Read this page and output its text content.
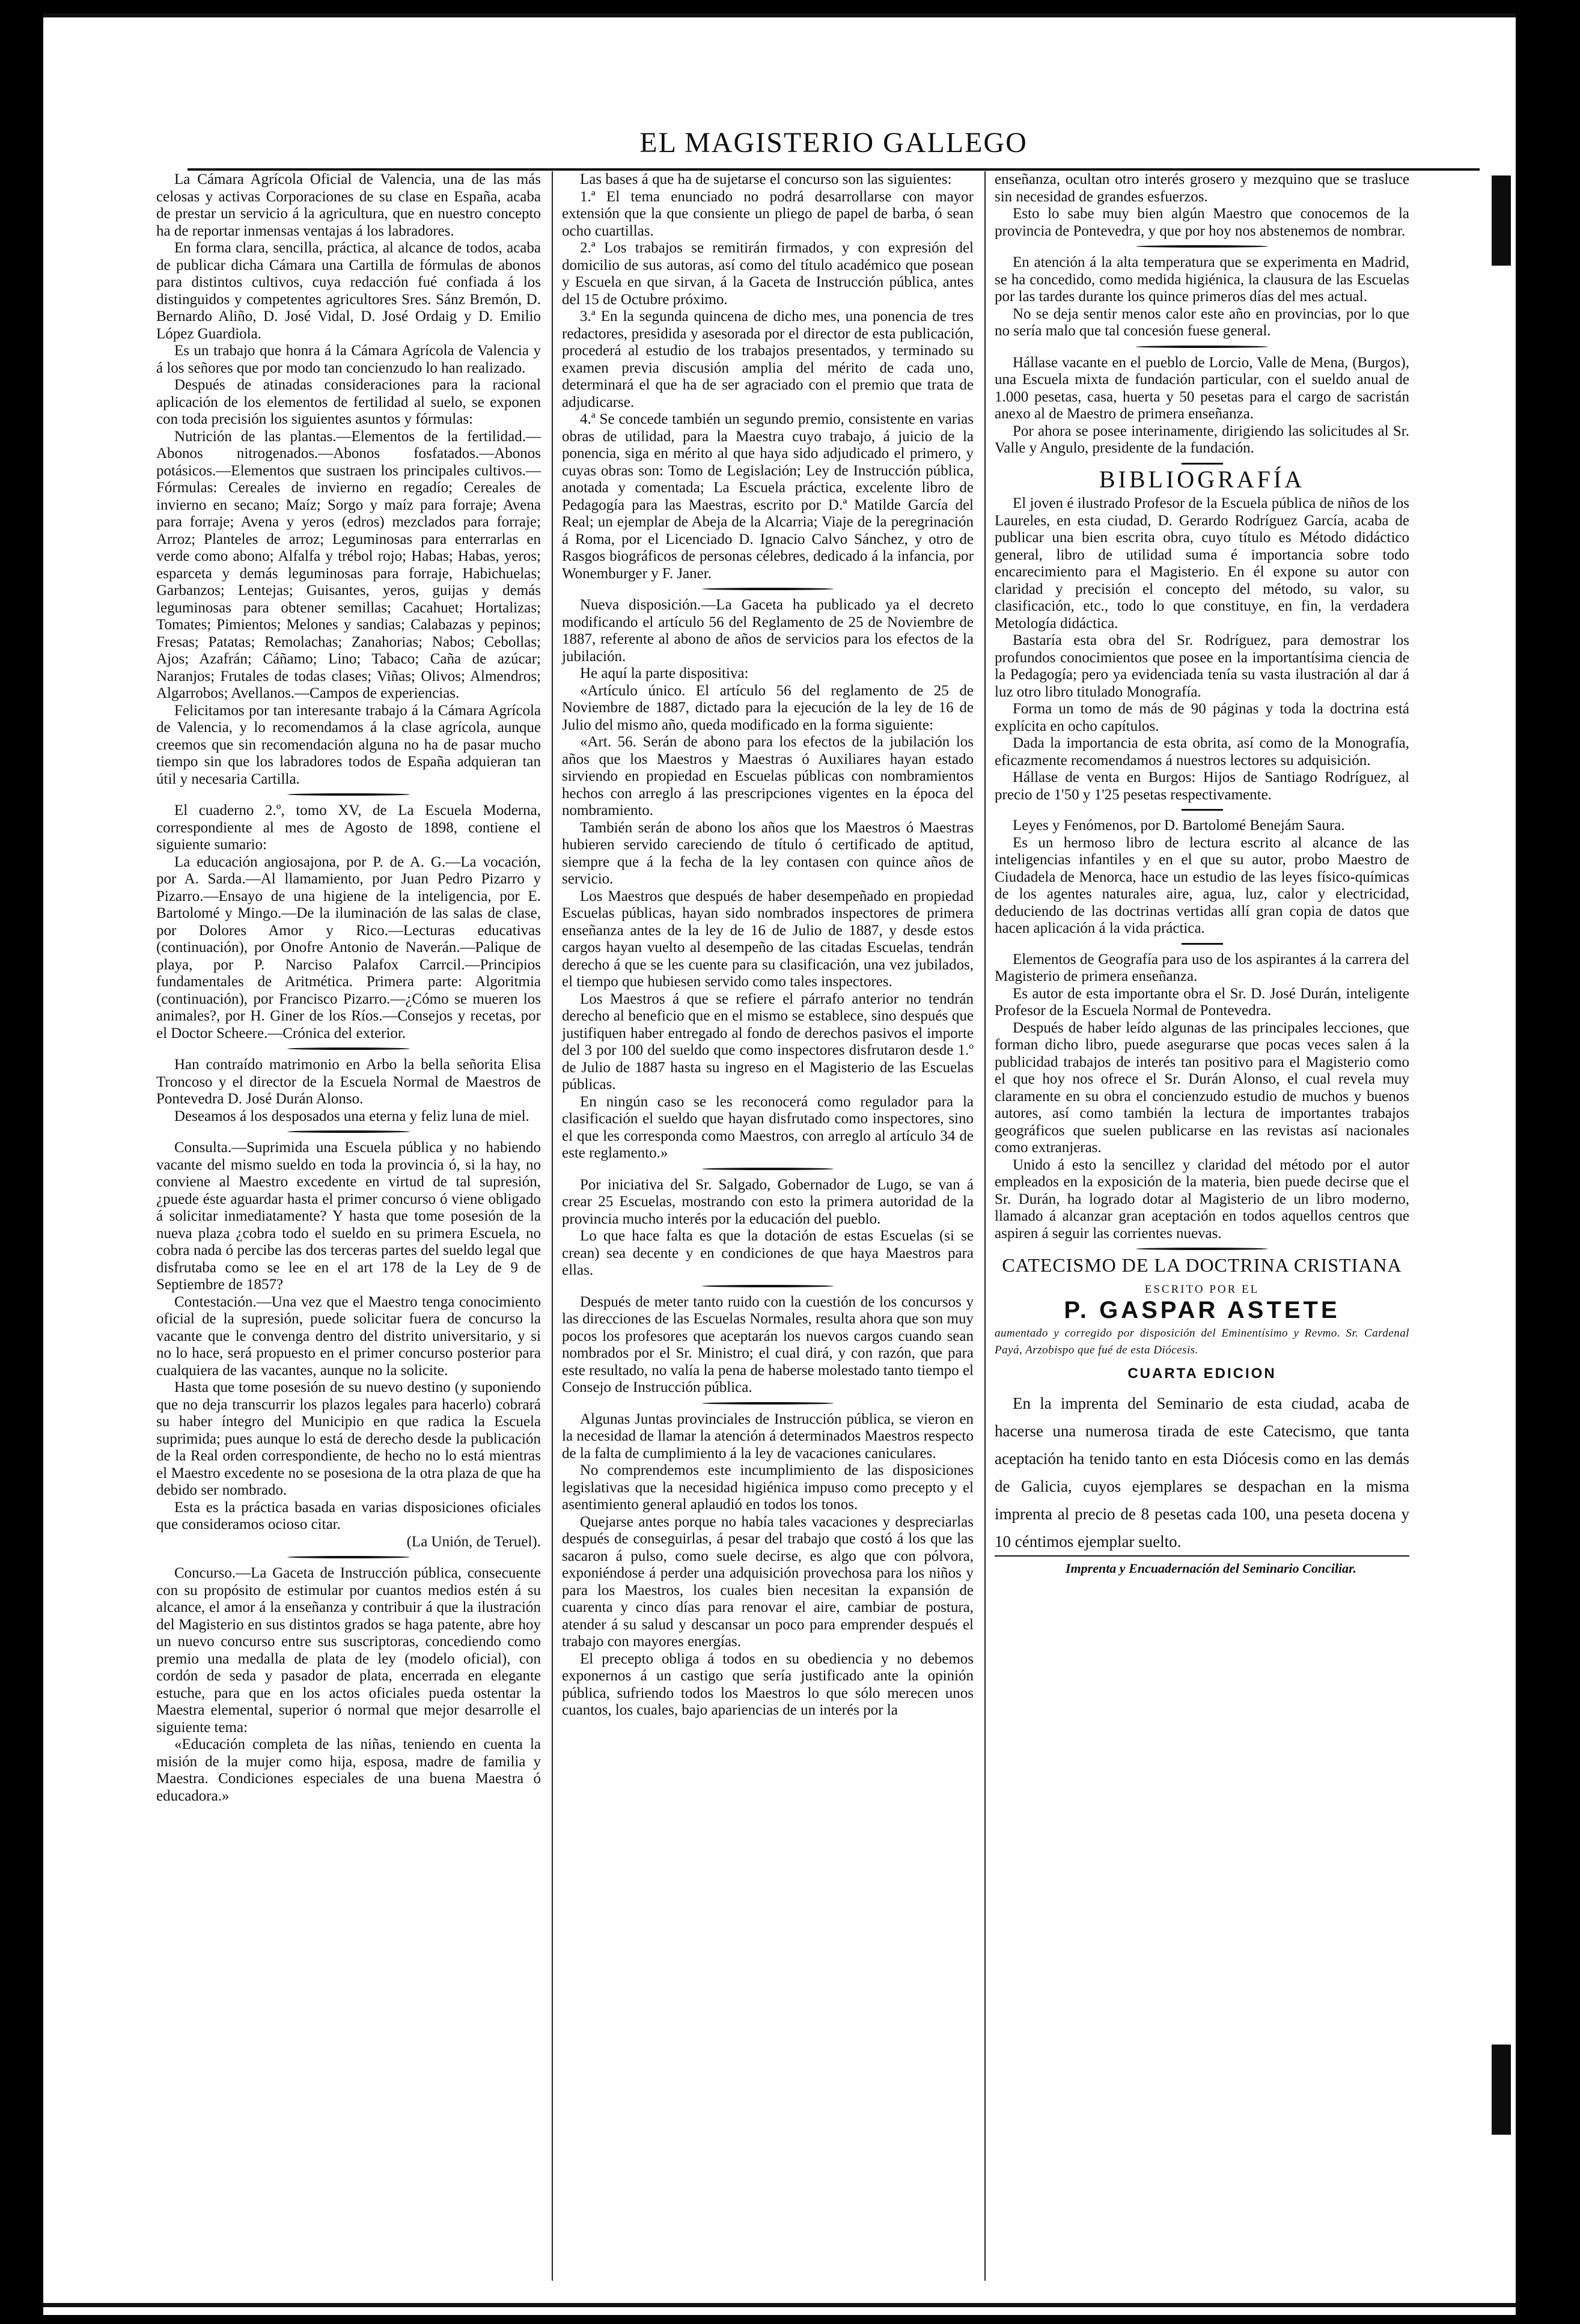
EL MAGISTERIO GALLEGO

La Cámara Agrícola Oficial de Valencia, una de las más celosas y activas Corporaciones de su clase en España, acaba de prestar un servicio á la agricultura, que en nuestro concepto ha de reportar inmensas ventajas á los labradores.

En forma clara, sencilla, práctica, al alcance de todos, acaba de publicar dicha Cámara una Cartilla de fórmulas de abonos para distintos cultivos, cuya redacción fué confiada á los distinguidos y competentes agricultores Sres. Sánz Bremón, D. Bernardo Aliño, D. José Vidal, D. José Ordaig y D. Emilio López Guardiola.

Es un trabajo que honra á la Cámara Agrícola de Valencia y á los señores que por modo tan concienzudo lo han realizado.

Después de atinadas consideraciones para la racional aplicación de los elementos de fertilidad al suelo, se exponen con toda precisión los siguientes asuntos y fórmulas:

Nutrición de las plantas.—Elementos de la fertilidad.—Abonos nitrogenados.—Abonos fosfatados.—Abonos potásicos.—Elementos que sustraen los principales cultivos.—Fórmulas: Cereales de invierno en regadío; Cereales de invierno en secano; Maíz; Sorgo y maíz para forraje; Avena para forraje; Avena y yeros (edros) mezclados para forraje; Arroz; Planteles de arroz; Leguminosas para enterrarlas en verde como abono; Alfalfa y trébol rojo; Habas; Habas, yeros; esparceta y demás leguminosas para forraje, Habichuelas; Garbanzos; Lentejas; Guisantes, yeros, guijas y demás leguminosas para obtener semillas; Cacahuet; Hortalizas; Tomates; Pimientos; Melones y sandias; Calabazas y pepinos; Fresas; Patatas; Remolachas; Zanahorias; Nabos; Cebollas; Ajos; Azafrán; Cáñamo; Lino; Tabaco; Caña de azúcar; Naranjos; Frutales de todas clases; Viñas; Olivos; Almendros; Algarrobos; Avellanos.—Campos de experiencias.

Felicitamos por tan interesante trabajo á la Cámara Agrícola de Valencia, y lo recomendamos á la clase agrícola, aunque creemos que sin recomendación alguna no ha de pasar mucho tiempo sin que los labradores todos de España adquieran tan útil y necesaria Cartilla.

El cuaderno 2.º, tomo XV, de La Escuela Moderna, correspondiente al mes de Agosto de 1898, contiene el siguiente sumario:

La educación angiosajona, por P. de A. G.—La vocación, por A. Sarda.—Al llamamiento, por Juan Pedro Pizarro y Pizarro.—Ensayo de una higiene de la inteligencia, por E. Bartolomé y Mingo.—De la iluminación de las salas de clase, por Dolores Amor y Rico.—Lecturas educativas (continuación), por Onofre Antonio de Naverán.—Palique de playa, por P. Narciso Palafox Carrcil.—Principios fundamentales de Aritmética. Primera parte: Algoritmia (continuación), por Francisco Pizarro.—¿Cómo se mueren los animales?, por H. Giner de los Ríos.—Consejos y recetas, por el Doctor Scheere.—Crónica del exterior.

Han contraído matrimonio en Arbo la bella señorita Elisa Troncoso y el director de la Escuela Normal de Maestros de Pontevedra D. José Durán Alonso.

Deseamos á los desposados una eterna y feliz luna de miel.

Consulta.—Suprimida una Escuela pública y no habiendo vacante del mismo sueldo en toda la provincia ó, si la hay, no conviene al Maestro excedente en virtud de tal supresión, ¿puede éste aguardar hasta el primer concurso ó viene obligado á solicitar inmediatamente? Y hasta que tome posesión de la nueva plaza ¿cobra todo el sueldo en su primera Escuela, no cobra nada ó percibe las dos terceras partes del sueldo legal que disfrutaba como se lee en el art 178 de la Ley de 9 de Septiembre de 1857?

Contestación.—Una vez que el Maestro tenga conocimiento oficial de la supresión, puede solicitar fuera de concurso la vacante que le convenga dentro del distrito universitario, y si no lo hace, será propuesto en el primer concurso posterior para cualquiera de las vacantes, aunque no la solicite.

Hasta que tome posesión de su nuevo destino (y suponiendo que no deja transcurrir los plazos legales para hacerlo) cobrará su haber íntegro del Municipio en que radica la Escuela suprimida; pues aunque lo está de derecho desde la publicación de la Real orden correspondiente, de hecho no lo está mientras el Maestro excedente no se posesiona de la otra plaza de que ha debido ser nombrado.

Esta es la práctica basada en varias disposiciones oficiales que consideramos ocioso citar.

(La Unión, de Teruel).

Concurso.—La Gaceta de Instrucción pública, consecuente con su propósito de estimular por cuantos medios estén á su alcance, el amor á la enseñanza y contribuir á que la ilustración del Magisterio en sus distintos grados se haga patente, abre hoy un nuevo concurso entre sus suscriptoras, concediendo como premio una medalla de plata de ley (modelo oficial), con cordón de seda y pasador de plata, encerrada en elegante estuche, para que en los actos oficiales pueda ostentar la Maestra elemental, superior ó normal que mejor desarrolle el siguiente tema:

«Educación completa de las niñas, teniendo en cuenta la misión de la mujer como hija, esposa, madre de familia y Maestra. Condiciones especiales de una buena Maestra ó educadora.»

Las bases á que ha de sujetarse el concurso son las siguientes:

1.ª El tema enunciado no podrá desarrollarse con mayor extensión que la que consiente un pliego de papel de barba, ó sean ocho cuartillas.

2.ª Los trabajos se remitirán firmados, y con expresión del domicilio de sus autoras, así como del título académico que posean y Escuela en que sirvan, á la Gaceta de Instrucción pública, antes del 15 de Octubre próximo.

3.ª En la segunda quincena de dicho mes, una ponencia de tres redactores, presidida y asesorada por el director de esta publicación, procederá al estudio de los trabajos presentados, y terminado su examen previa discusión amplia del mérito de cada uno, determinará el que ha de ser agraciado con el premio que trata de adjudicarse.

4.ª Se concede también un segundo premio, consistente en varias obras de utilidad, para la Maestra cuyo trabajo, á juicio de la ponencia, siga en mérito al que haya sido adjudicado el primero, y cuyas obras son: Tomo de Legislación; Ley de Instrucción pública, anotada y comentada; La Escuela práctica, excelente libro de Pedagogía para las Maestras, escrito por D.ª Matilde García del Real; un ejemplar de Abeja de la Alcarria; Viaje de la peregrinación á Roma, por el Licenciado D. Ignacio Calvo Sánchez, y otro de Rasgos biográficos de personas célebres, dedicado á la infancia, por Wonemburger y F. Janer.

Nueva disposición.—La Gaceta ha publicado ya el decreto modificando el artículo 56 del Reglamento de 25 de Noviembre de 1887, referente al abono de años de servicios para los efectos de la jubilación.

He aquí la parte dispositiva:

«Artículo único. El artículo 56 del reglamento de 25 de Noviembre de 1887, dictado para la ejecución de la ley de 16 de Julio del mismo año, queda modificado en la forma siguiente:

«Art. 56. Serán de abono para los efectos de la jubilación los años que los Maestros y Maestras ó Auxiliares hayan estado sirviendo en propiedad en Escuelas públicas con nombramientos hechos con arreglo á las prescripciones vigentes en la época del nombramiento.

También serán de abono los años que los Maestros ó Maestras hubieren servido careciendo de título ó certificado de aptitud, siempre que á la fecha de la ley contasen con quince años de servicio.

Los Maestros que después de haber desempeñado en propiedad Escuelas públicas, hayan sido nombrados inspectores de primera enseñanza antes de la ley de 16 de Julio de 1887, y desde estos cargos hayan vuelto al desempeño de las citadas Escuelas, tendrán derecho á que se les cuente para su clasificación, una vez jubilados, el tiempo que hubiesen servido como tales inspectores.

Los Maestros á que se refiere el párrafo anterior no tendrán derecho al beneficio que en el mismo se establece, sino después que justifiquen haber entregado al fondo de derechos pasivos el importe del 3 por 100 del sueldo que como inspectores disfrutaron desde 1.º de Julio de 1887 hasta su ingreso en el Magisterio de las Escuelas públicas.

En ningún caso se les reconocerá como regulador para la clasificación el sueldo que hayan disfrutado como inspectores, sino el que les corresponda como Maestros, con arreglo al artículo 34 de este reglamento.»

Por iniciativa del Sr. Salgado, Gobernador de Lugo, se van á crear 25 Escuelas, mostrando con esto la primera autoridad de la provincia mucho interés por la educación del pueblo.

Lo que hace falta es que la dotación de estas Escuelas (si se crean) sea decente y en condiciones de que haya Maestros para ellas.

Después de meter tanto ruido con la cuestión de los concursos y las direcciones de las Escuelas Normales, resulta ahora que son muy pocos los profesores que aceptarán los nuevos cargos cuando sean nombrados por el Sr. Ministro; el cual dirá, y con razón, que para este resultado, no valía la pena de haberse molestado tanto tiempo el Consejo de Instrucción pública.

Algunas Juntas provinciales de Instrucción pública, se vieron en la necesidad de llamar la atención á determinados Maestros respecto de la falta de cumplimiento á la ley de vacaciones caniculares.

No comprendemos este incumplimiento de las disposiciones legislativas que la necesidad higiénica impuso como precepto y el asentimiento general aplaudió en todos los tonos.

Quejarse antes porque no había tales vacaciones y despreciarlas después de conseguirlas, á pesar del trabajo que costó á los que las sacaron á pulso, como suele decirse, es algo que con pólvora, exponiéndose á perder una adquisición provechosa para los niños y para los Maestros, los cuales bien necesitan la expansión de cuarenta y cinco días para renovar el aire, cambiar de postura, atender á su salud y descansar un poco para emprender después el trabajo con mayores energías.

El precepto obliga á todos en su obediencia y no debemos exponernos á un castigo que sería justificado ante la opinión pública, sufriendo todos los Maestros lo que sólo merecen unos cuantos, los cuales, bajo apariencias de un interés por la

enseñanza, ocultan otro interés grosero y mezquino que se trasluce sin necesidad de grandes esfuerzos.

Esto lo sabe muy bien algún Maestro que conocemos de la provincia de Pontevedra, y que por hoy nos abstenemos de nombrar.

En atención á la alta temperatura que se experimenta en Madrid, se ha concedido, como medida higiénica, la clausura de las Escuelas por las tardes durante los quince primeros días del mes actual.

No se deja sentir menos calor este año en provincias, por lo que no sería malo que tal concesión fuese general.

Hállase vacante en el pueblo de Lorcio, Valle de Mena, (Burgos), una Escuela mixta de fundación particular, con el sueldo anual de 1.000 pesetas, casa, huerta y 50 pesetas para el cargo de sacristán anexo al de Maestro de primera enseñanza.

Por ahora se posee interinamente, dirigiendo las solicitudes al Sr. Valle y Angulo, presidente de la fundación.

BIBLIOGRAFÍA

El joven é ilustrado Profesor de la Escuela pública de niños de los Laureles, en esta ciudad, D. Gerardo Rodríguez García, acaba de publicar una bien escrita obra, cuyo título es Método didáctico general, libro de utilidad suma é importancia sobre todo encarecimiento para el Magisterio. En él expone su autor con claridad y precisión el concepto del método, su valor, su clasificación, etc., todo lo que constituye, en fin, la verdadera Metología didáctica.

Bastaría esta obra del Sr. Rodríguez, para demostrar los profundos conocimientos que posee en la importantísima ciencia de la Pedagogía; pero ya evidenciada tenía su vasta ilustración al dar á luz otro libro titulado Monografía.

Forma un tomo de más de 90 páginas y toda la doctrina está explícita en ocho capítulos.

Dada la importancia de esta obrita, así como de la Monografía, eficazmente recomendamos á nuestros lectores su adquisición.

Hállase de venta en Burgos: Hijos de Santiago Rodríguez, al precio de 1'50 y 1'25 pesetas respectivamente.

Leyes y Fenómenos, por D. Bartolomé Benejám Saura.

Es un hermoso libro de lectura escrito al alcance de las inteligencias infantiles y en el que su autor, probo Maestro de Ciudadela de Menorca, hace un estudio de las leyes físico-químicas de los agentes naturales aire, agua, luz, calor y electricidad, deduciendo de las doctrinas vertidas allí gran copia de datos que hacen aplicación á la vida práctica.

Elementos de Geografía para uso de los aspirantes á la carrera del Magisterio de primera enseñanza.

Es autor de esta importante obra el Sr. D. José Durán, inteligente Profesor de la Escuela Normal de Pontevedra.

Después de haber leído algunas de las principales lecciones, que forman dicho libro, puede asegurarse que pocas veces salen á la publicidad trabajos de interés tan positivo para el Magisterio como el que hoy nos ofrece el Sr. Durán Alonso, el cual revela muy claramente en su obra el concienzudo estudio de muchos y buenos autores, así como también la lectura de importantes trabajos geográficos que suelen publicarse en las revistas así nacionales como extranjeras.

Unido á esto la sencillez y claridad del método por el autor empleados en la exposición de la materia, bien puede decirse que el Sr. Durán, ha logrado dotar al Magisterio de un libro moderno, llamado á alcanzar gran aceptación en todos aquellos centros que aspiren á seguir las corrientes nuevas.

CATECISMO DE LA DOCTRINA CRISTIANA
ESCRITO POR EL
P. GASPAR ASTETE
aumentado y corregido por disposición del Eminentísimo y Revmo. Sr. Cardenal Payá, Arzobispo que fué de esta Diócesis.
CUARTA EDICION

En la imprenta del Seminario de esta ciudad, acaba de hacerse una numerosa tirada de este Catecismo, que tanta aceptación ha tenido tanto en esta Diócesis como en las demás de Galicia, cuyos ejemplares se despachan en la misma imprenta al precio de 8 pesetas cada 100, una peseta docena y 10 céntimos ejemplar suelto.

Imprenta y Encuadernación del Seminario Conciliar.
